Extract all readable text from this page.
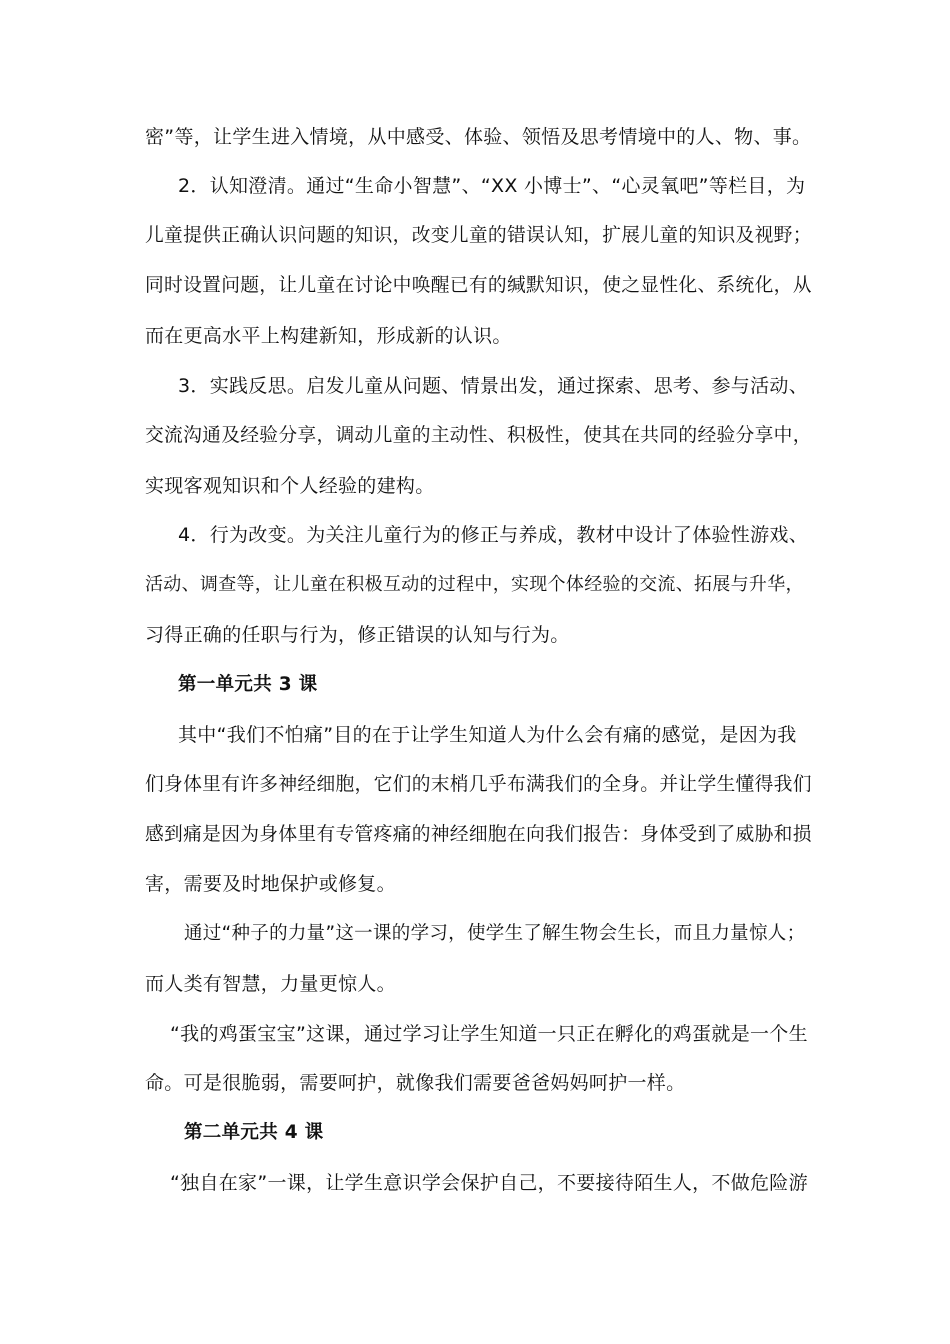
密”等，让学生进入情境，从中感受、体验、领悟及思考情境中的人、物、事。
2．认知澄清。通过“生命小智慧”、“XX 小博士”、“心灵氧吧”等栏目，为
儿童提供正确认识问题的知识，改变儿童的错误认知，扩展儿童的知识及视野；
同时设置问题，让儿童在讨论中唤醒已有的缄默知识，使之显性化、系统化，从
而在更高水平上构建新知，形成新的认识。
3．实践反思。启发儿童从问题、情景出发，通过探索、思考、参与活动、
交流沟通及经验分享，调动儿童的主动性、积极性，使其在共同的经验分享中，
实现客观知识和个人经验的建构。
4．行为改变。为关注儿童行为的修正与养成，教材中设计了体验性游戏、
活动、调查等，让儿童在积极互动的过程中，实现个体经验的交流、拓展与升华，
习得正确的任职与行为，修正错误的认知与行为。
第一单元共 3 课
其中“我们不怕痛”目的在于让学生知道人为什么会有痛的感觉，是因为我
们身体里有许多神经细胞，它们的末梢几乎布满我们的全身。并让学生懂得我们
感到痛是因为身体里有专管疼痛的神经细胞在向我们报告：身体受到了威胁和损
害，需要及时地保护或修复。
通过“种子的力量”这一课的学习，使学生了解生物会生长，而且力量惊人；
而人类有智慧，力量更惊人。
“我的鸡蛋宝宝”这课，通过学习让学生知道一只正在孵化的鸡蛋就是一个生
命。可是很脆弱，需要呵护，就像我们需要爸爸妈妈呵护一样。
第二单元共 4 课
“独自在家”一课，让学生意识学会保护自己，不要接待陌生人，不做危险游
